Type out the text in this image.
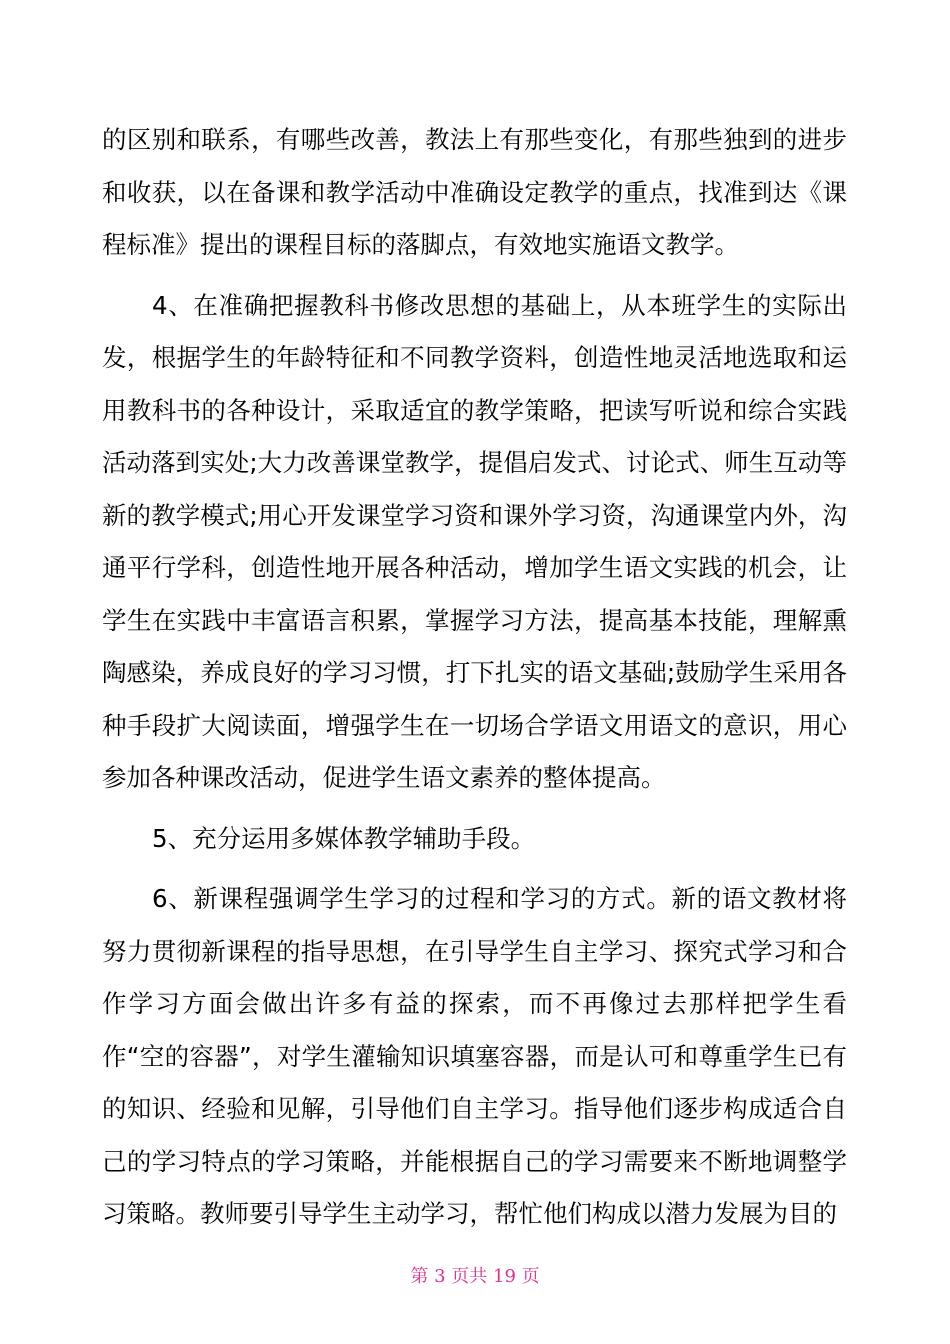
的区别和联系，有哪些改善，教法上有那些变化，有那些独到的进步和收获，以在备课和教学活动中准确设定教学的重点，找准到达《课程标准》提出的课程目标的落脚点，有效地实施语文教学。

4、在准确把握教科书修改思想的基础上，从本班学生的实际出发，根据学生的年龄特征和不同教学资料，创造性地灵活地选取和运用教科书的各种设计，采取适宜的教学策略，把读写听说和综合实践活动落到实处;大力改善课堂教学，提倡启发式、讨论式、师生互动等新的教学模式;用心开发课堂学习资和课外学习资，沟通课堂内外，沟通平行学科，创造性地开展各种活动，增加学生语文实践的机会，让学生在实践中丰富语言积累，掌握学习方法，提高基本技能，理解熏陶感染，养成良好的学习习惯，打下扎实的语文基础;鼓励学生采用各种手段扩大阅读面，增强学生在一切场合学语文用语文的意识，用心参加各种课改活动，促进学生语文素养的整体提高。

5、充分运用多媒体教学辅助手段。

6、新课程强调学生学习的过程和学习的方式。新的语文教材将努力贯彻新课程的指导思想，在引导学生自主学习、探究式学习和合作学习方面会做出许多有益的探索，而不再像过去那样把学生看作“空的容器”，对学生灌输知识填塞容器，而是认可和尊重学生已有的知识、经验和见解，引导他们自主学习。指导他们逐步构成适合自己的学习特点的学习策略，并能根据自己的学习需要来不断地调整学习策略。教师要引导学生主动学习，帮忙他们构成以潜力发展为目的

第 3 页共 19 页
